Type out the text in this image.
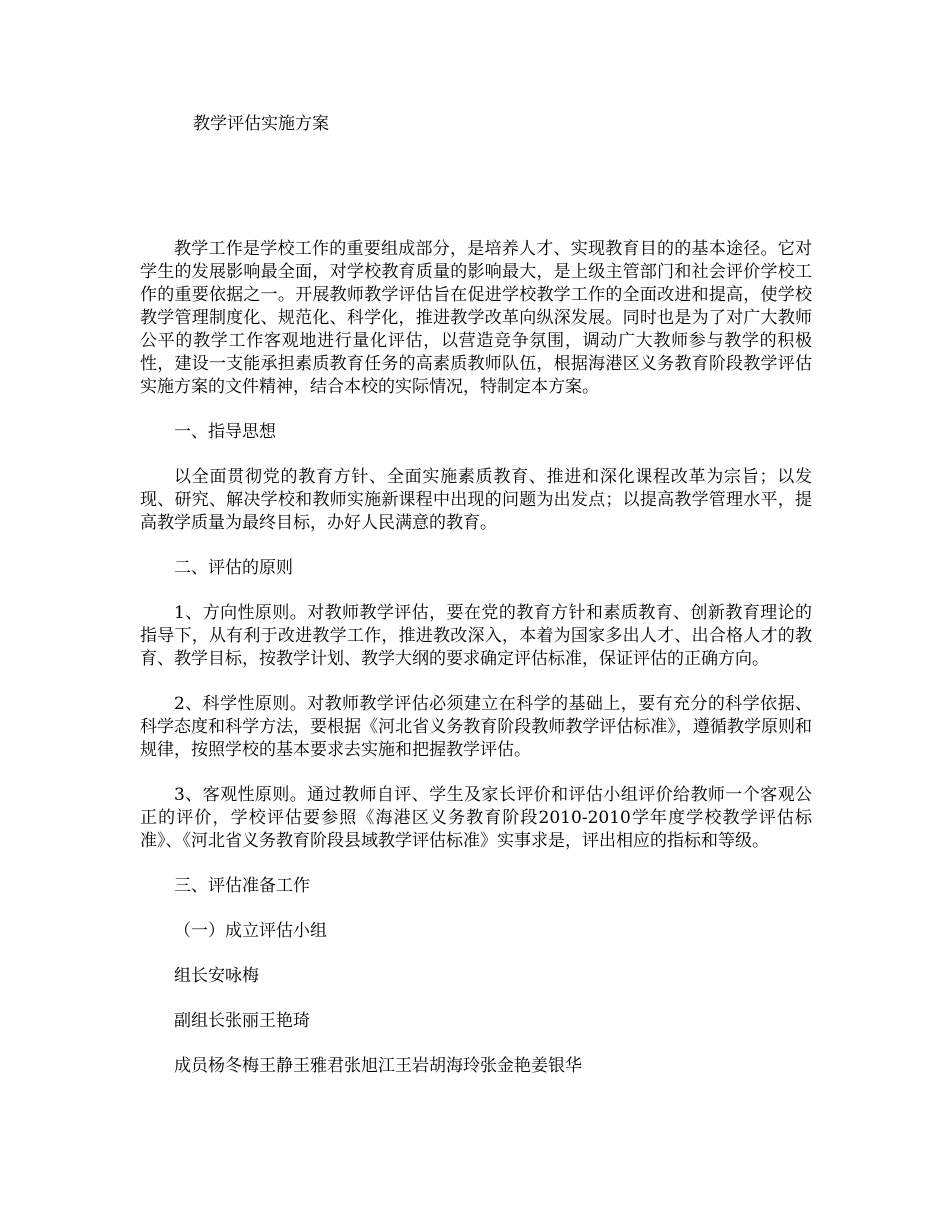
教学评估实施方案

教学工作是学校工作的重要组成部分，是培养人才、实现教育目的的基本途径。它对学生的发展影响最全面，对学校教育质量的影响最大，是上级主管部门和社会评价学校工作的重要依据之一。开展教师教学评估旨在促进学校教学工作的全面改进和提高，使学校教学管理制度化、规范化、科学化，推进教学改革向纵深发展。同时也是为了对广大教师公平的教学工作客观地进行量化评估，以营造竞争氛围，调动广大教师参与教学的积极性，建设一支能承担素质教育任务的高素质教师队伍，根据海港区义务教育阶段教学评估实施方案的文件精神，结合本校的实际情况，特制定本方案。

一、指导思想

以全面贯彻党的教育方针、全面实施素质教育、推进和深化课程改革为宗旨；以发现、研究、解决学校和教师实施新课程中出现的问题为出发点；以提高教学管理水平，提高教学质量为最终目标，办好人民满意的教育。

二、评估的原则

1、方向性原则。对教师教学评估，要在党的教育方针和素质教育、创新教育理论的指导下，从有利于改进教学工作，推进教改深入，本着为国家多出人才、出合格人才的教育、教学目标，按教学计划、教学大纲的要求确定评估标准，保证评估的正确方向。

2、科学性原则。对教师教学评估必须建立在科学的基础上，要有充分的科学依据、科学态度和科学方法，要根据《河北省义务教育阶段教师教学评估标准》，遵循教学原则和规律，按照学校的基本要求去实施和把握教学评估。

3、客观性原则。通过教师自评、学生及家长评价和评估小组评价给教师一个客观公正的评价，学校评估要参照《海港区义务教育阶段2010-2010学年度学校教学评估标准》、《河北省义务教育阶段县域教学评估标准》实事求是，评出相应的指标和等级。

三、评估准备工作

（一）成立评估小组

组长安咏梅

副组长张丽王艳琦

成员杨冬梅王静王雅君张旭江王岩胡海玲张金艳姜银华
